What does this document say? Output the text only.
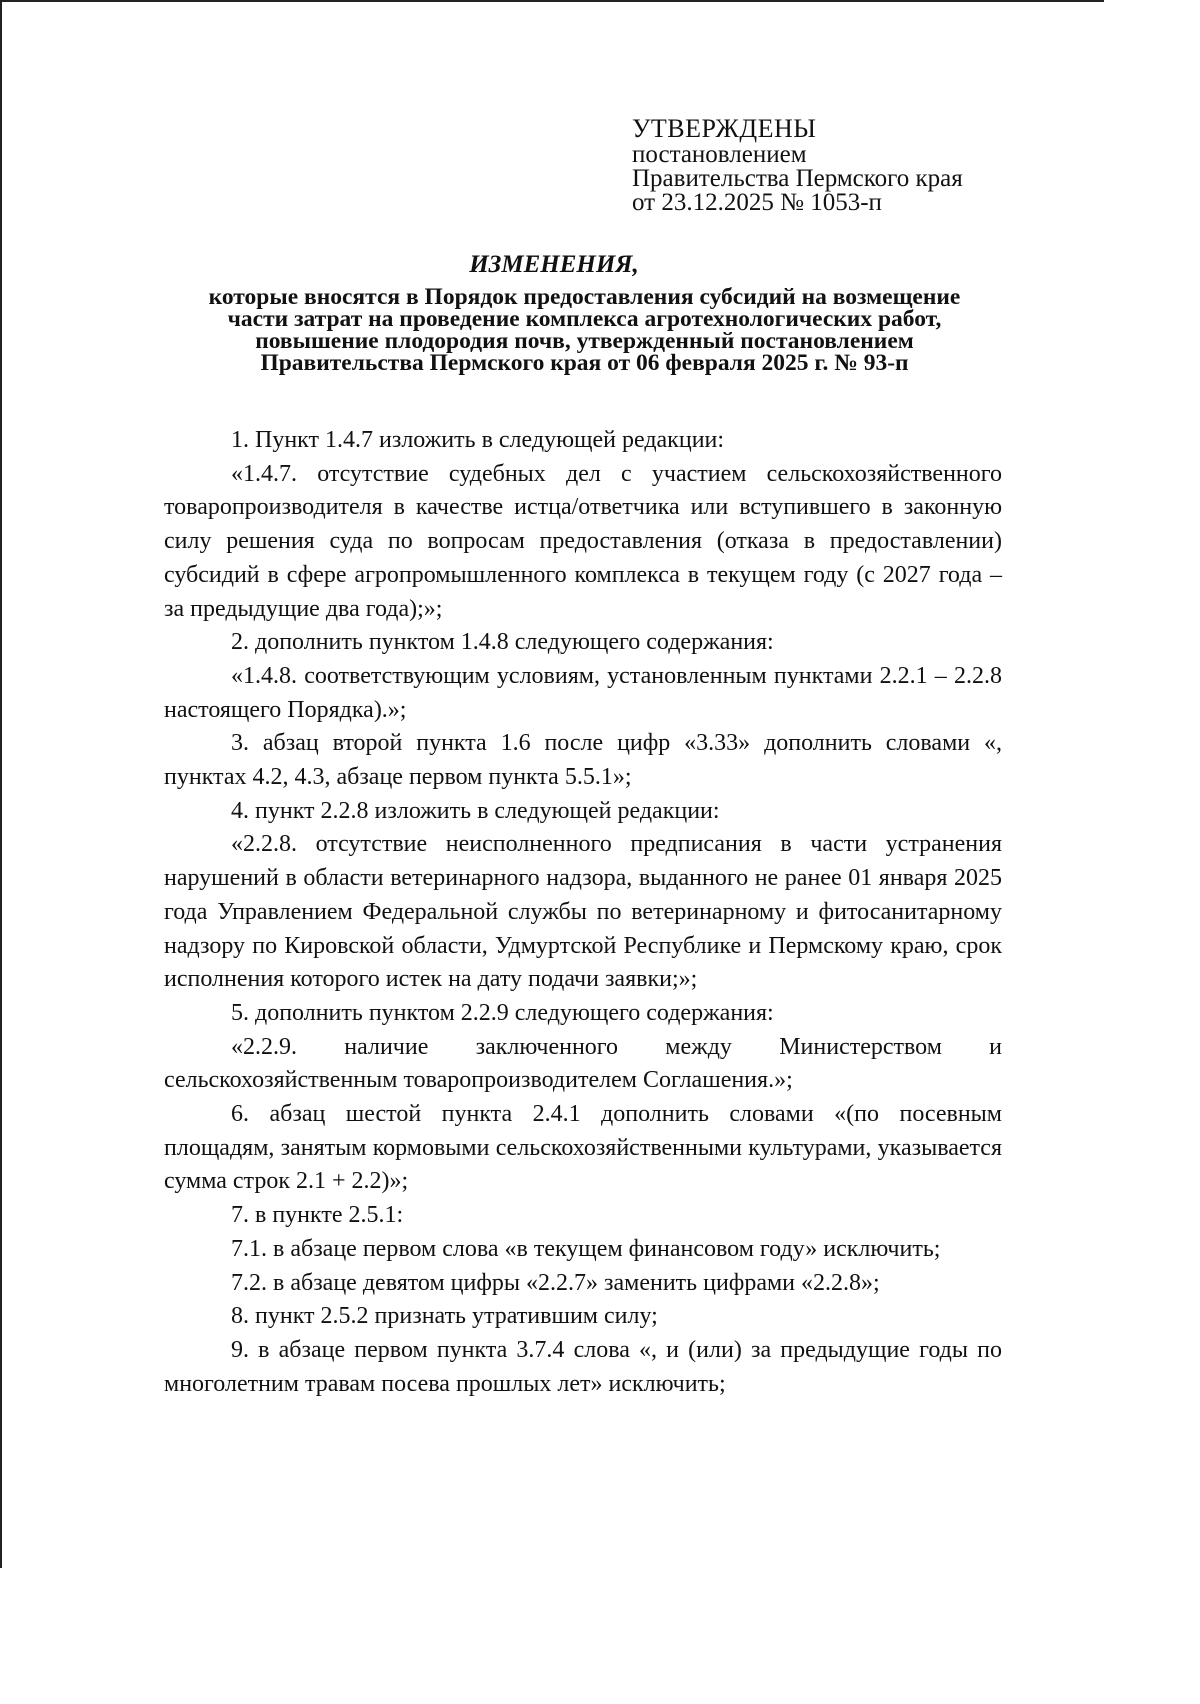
УТВЕРЖДЕНЫ
постановлением
Правительства Пермского края
от 23.12.2025 № 1053-п
ИЗМЕНЕНИЯ,
которые вносятся в Порядок предоставления субсидий на возмещение
части затрат на проведение комплекса агротехнологических работ,
повышение плодородия почв, утвержденный постановлением
Правительства Пермского края от 06 февраля 2025 г. № 93-п

1. Пункт 1.4.7 изложить в следующей редакции:

«1.4.7. отсутствие судебных дел с участием сельскохозяйственного товаропроизводителя в качестве истца/ответчика или вступившего в законную силу решения суда по вопросам предоставления (отказа в предоставлении) субсидий в сфере агропромышленного комплекса в текущем году (с 2027 года – за предыдущие два года);»;

2. дополнить пунктом 1.4.8 следующего содержания:

«1.4.8. соответствующим условиям, установленным пунктами 2.2.1 – 2.2.8 настоящего Порядка).»;

3. абзац второй пункта 1.6 после цифр «3.33» дополнить словами «, пунктах 4.2, 4.3, абзаце первом пункта 5.5.1»;

4. пункт 2.2.8 изложить в следующей редакции:

«2.2.8. отсутствие неисполненного предписания в части устранения нарушений в области ветеринарного надзора, выданного не ранее 01 января 2025 года Управлением Федеральной службы по ветеринарному и фитосанитарному надзору по Кировской области, Удмуртской Республике и Пермскому краю, срок исполнения которого истек на дату подачи заявки;»;

5. дополнить пунктом 2.2.9 следующего содержания:

«2.2.9. наличие заключенного между Министерством и сельскохозяйственным товаропроизводителем Соглашения.»;

6. абзац шестой пункта 2.4.1 дополнить словами «(по посевным площадям, занятым кормовыми сельскохозяйственными культурами, указывается сумма строк 2.1 + 2.2)»;

7. в пункте 2.5.1:

7.1. в абзаце первом слова «в текущем финансовом году» исключить;

7.2. в абзаце девятом цифры «2.2.7» заменить цифрами «2.2.8»;

8. пункт 2.5.2 признать утратившим силу;

9. в абзаце первом пункта 3.7.4 слова «, и (или) за предыдущие годы по многолетним травам посева прошлых лет» исключить;
